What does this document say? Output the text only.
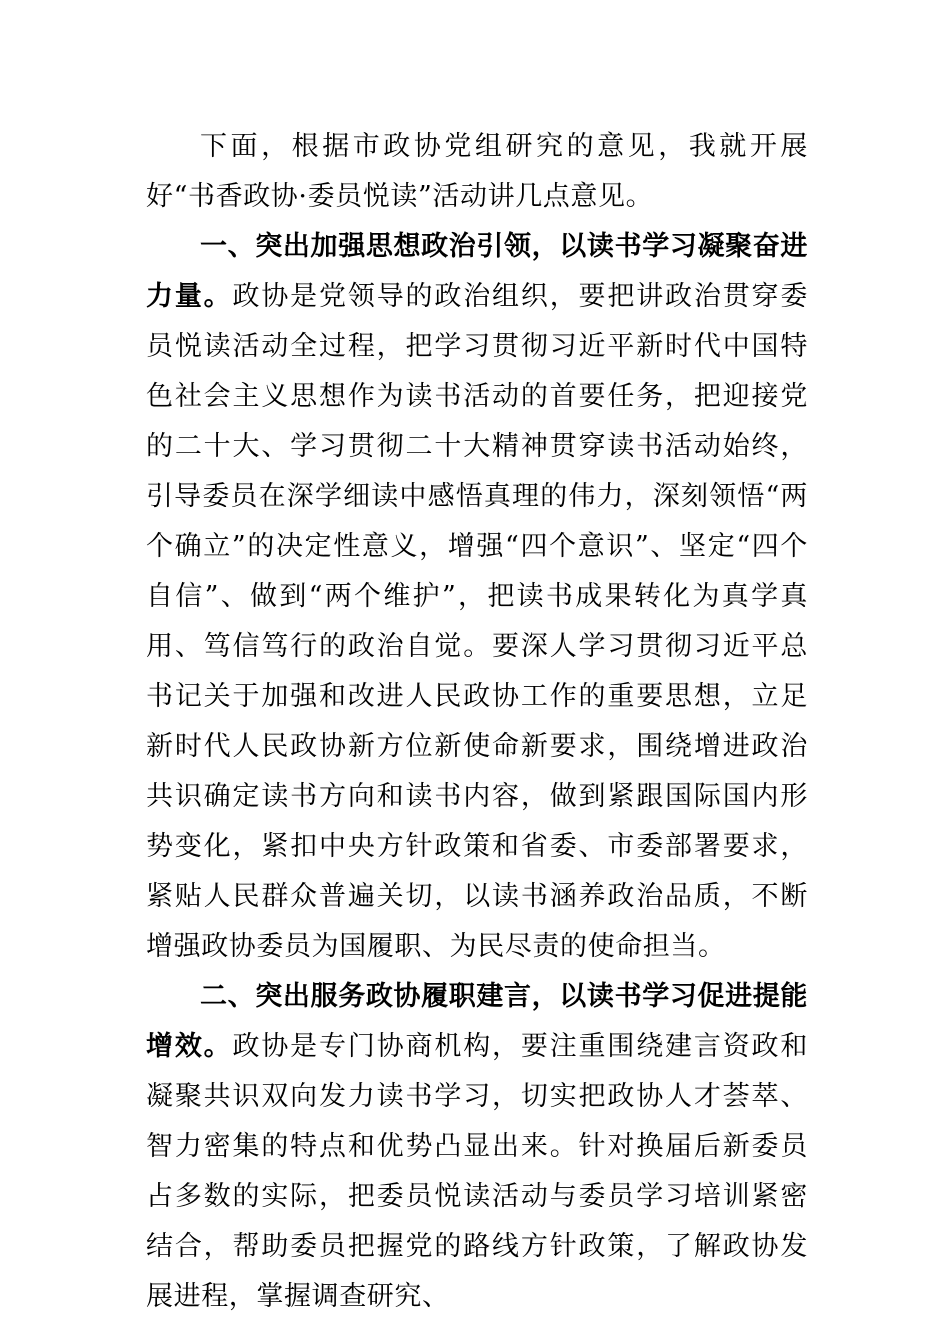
下面，根据市政协党组研究的意见，我就开展好“书香政协·委员悦读”活动讲几点意见。

一、突出加强思想政治引领，以读书学习凝聚奋进力量。政协是党领导的政治组织，要把讲政治贯穿委员悦读活动全过程，把学习贯彻习近平新时代中国特色社会主义思想作为读书活动的首要任务，把迎接党的二十大、学习贯彻二十大精神贯穿读书活动始终，引导委员在深学细读中感悟真理的伟力，深刻领悟“两个确立”的决定性意义，增强“四个意识”、坚定“四个自信”、做到“两个维护”，把读书成果转化为真学真用、笃信笃行的政治自觉。要深人学习贯彻习近平总书记关于加强和改进人民政协工作的重要思想，立足新时代人民政协新方位新使命新要求，围绕增进政治共识确定读书方向和读书内容，做到紧跟国际国内形势变化，紧扣中央方针政策和省委、市委部署要求，紧贴人民群众普遍关切，以读书涵养政治品质，不断增强政协委员为国履职、为民尽责的使命担当。

二、突出服务政协履职建言，以读书学习促进提能增效。政协是专门协商机构，要注重围绕建言资政和凝聚共识双向发力读书学习，切实把政协人才荟萃、智力密集的特点和优势凸显出来。针对换届后新委员占多数的实际，把委员悦读活动与委员学习培训紧密结合，帮助委员把握党的路线方针政策，了解政协发展进程，掌握调查研究、
